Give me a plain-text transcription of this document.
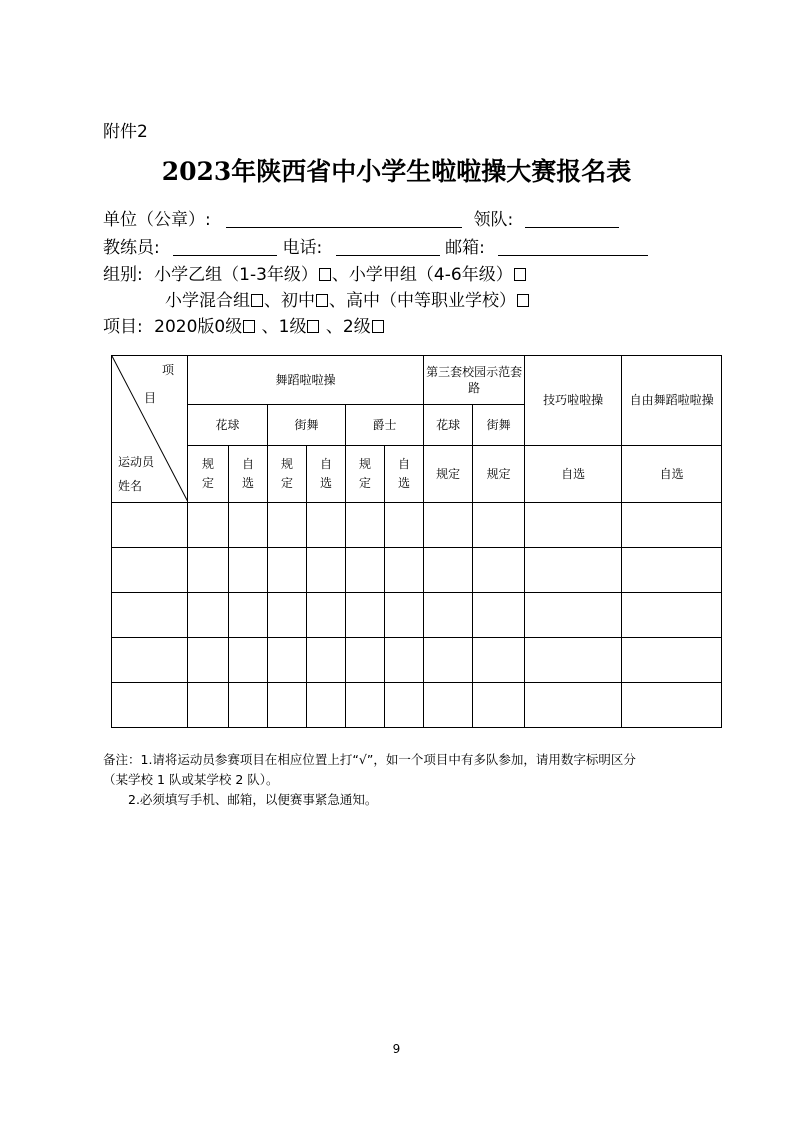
附件2
2023年陕西省中小学生啦啦操大赛报名表
单位（公章）:	领队:
教练员:	电话:	邮箱:
组别: 小学乙组（1-3年级） 、小学甲组（4-6年级）
小学混合组 、初中 、高中（中等职业学校）
项目: 2020版0级 、1级 、2级
项
目
运动员
姓名	舞蹈啦啦操						第三套校园示范套路		技巧啦啦操	自由舞蹈啦啦操
	花球		街舞		爵士		花球	街舞		
	规定	自选	规定	自选	规定	自选	规定	规定	自选	自选

备注：1.请将运动员参赛项目在相应位置上打“√”，如一个项目中有多队参加，请用数字标明区分
（某学校 1 队或某学校 2 队）。
2.必须填写手机、邮箱，以便赛事紧急通知。
9
